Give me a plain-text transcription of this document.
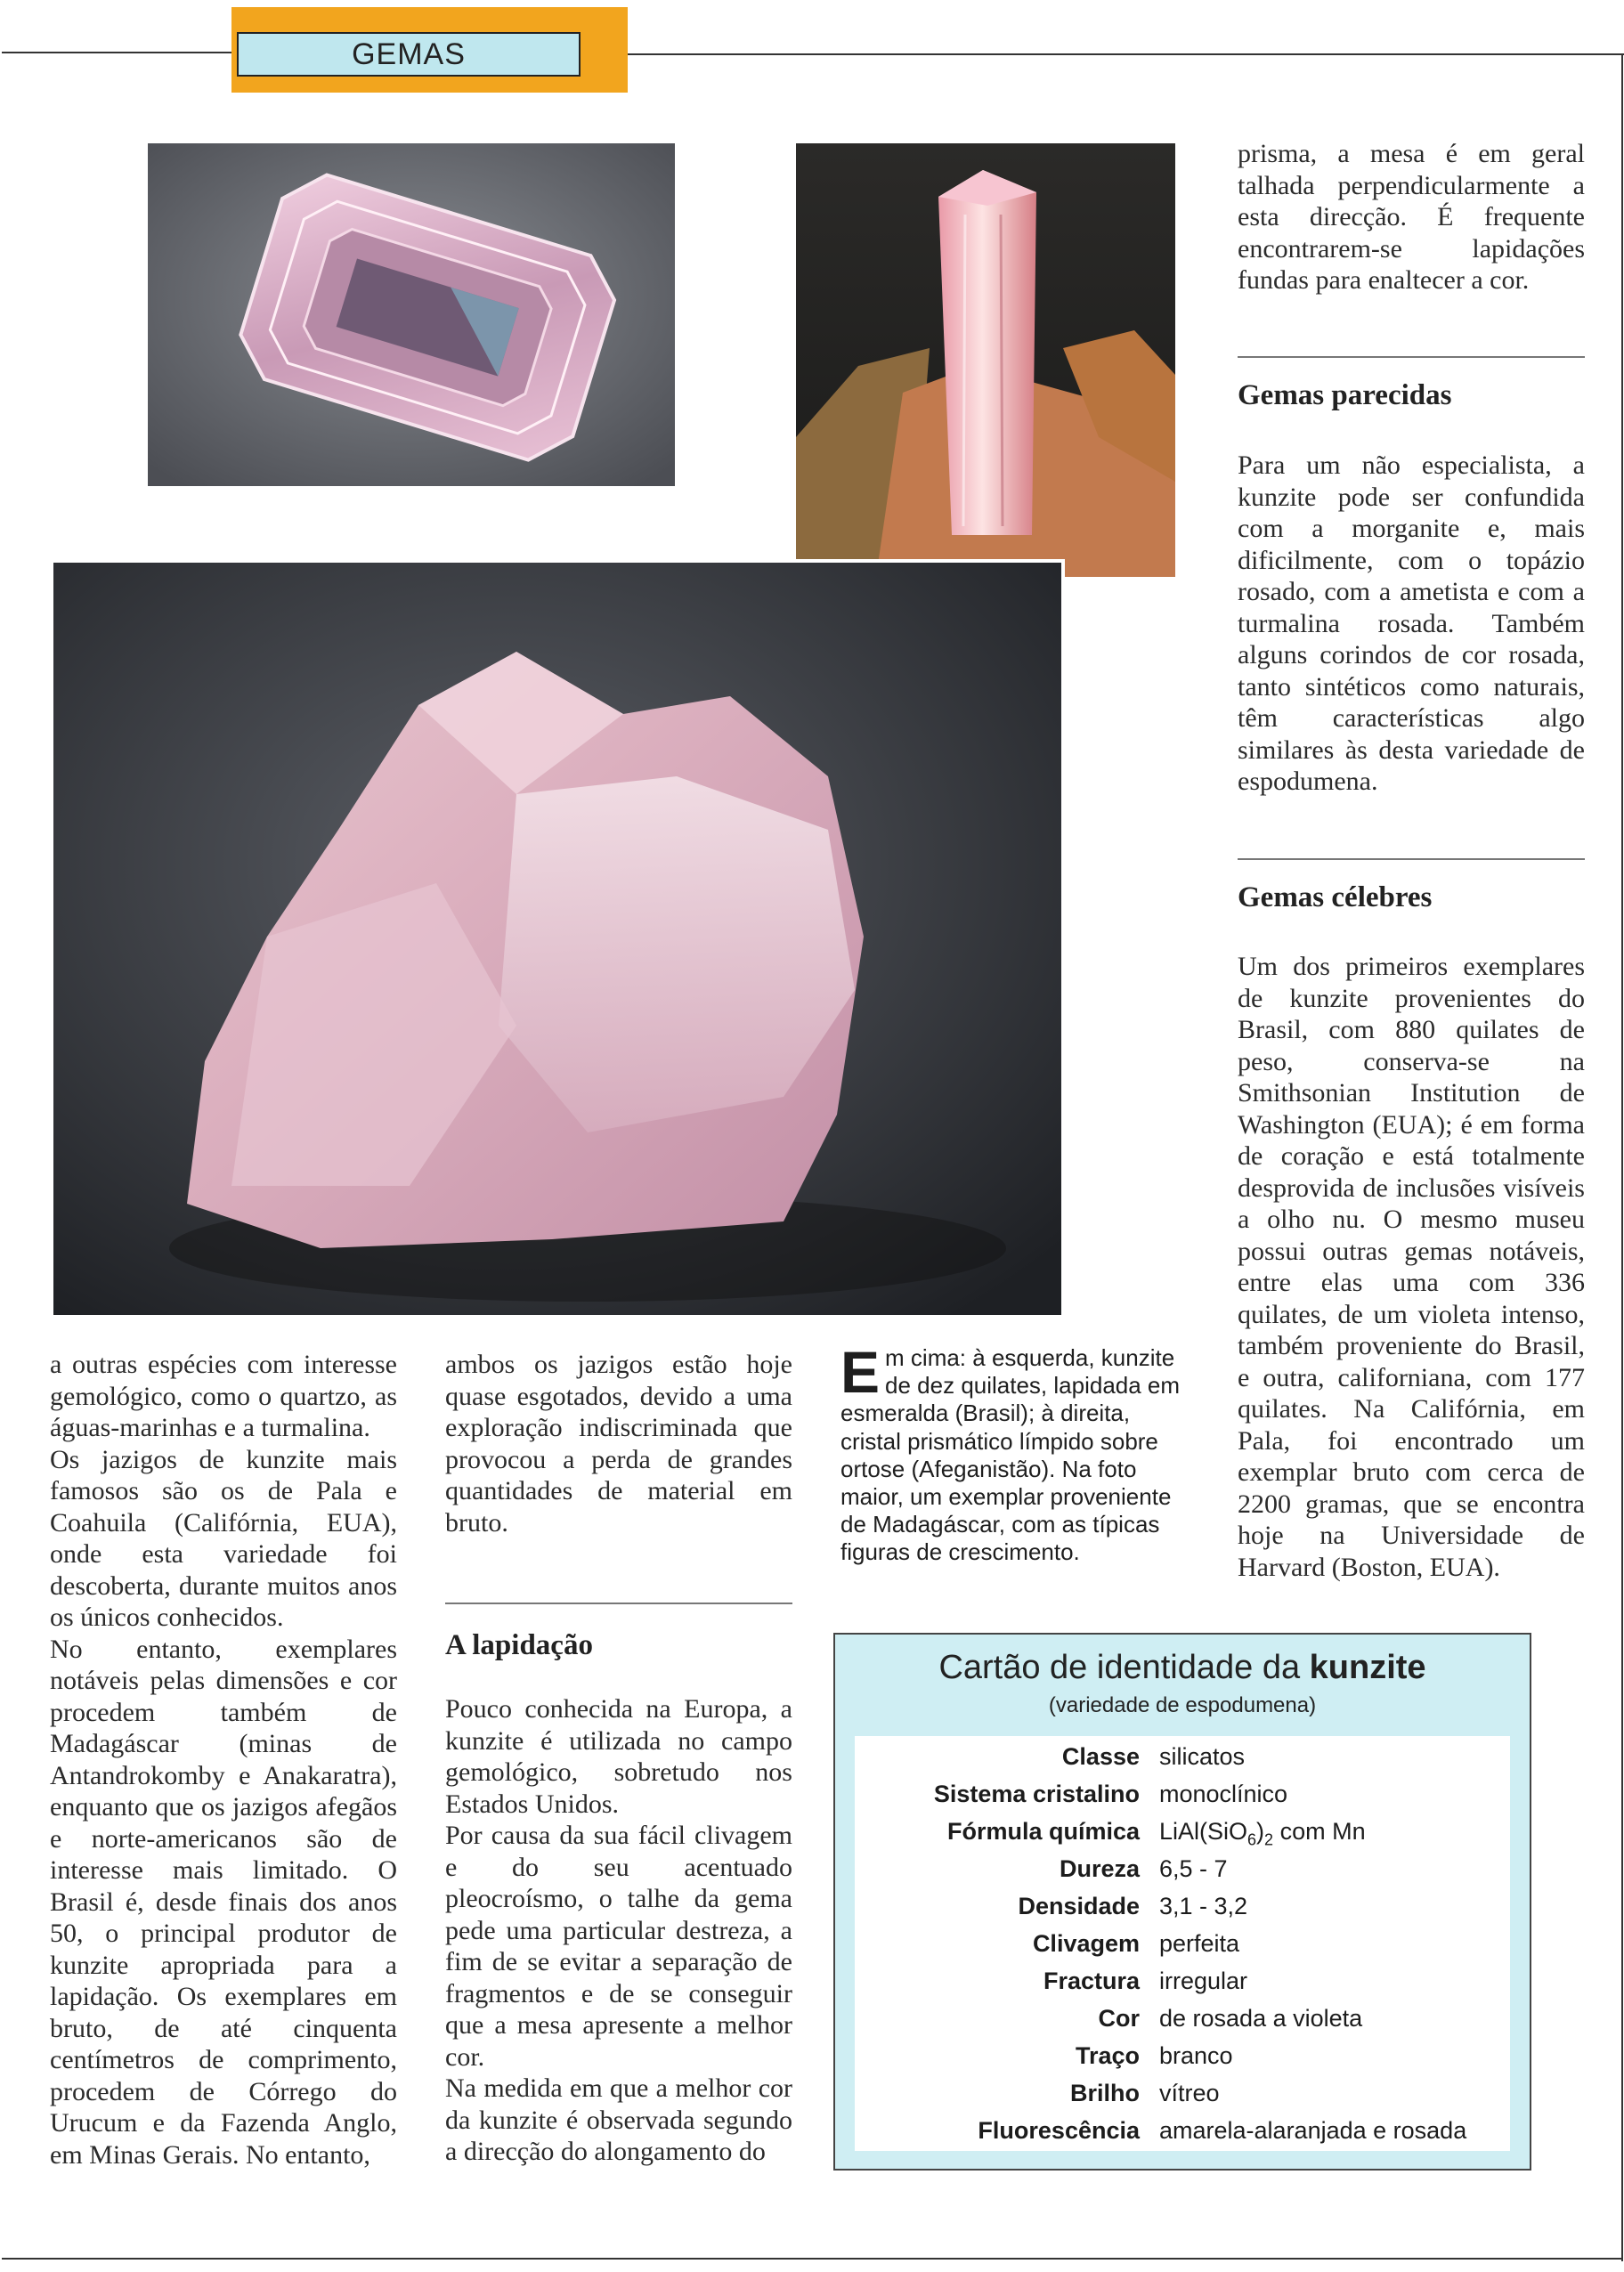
GEMAS

a outras espécies com interesse gemológico, como o quartzo, as águas-marinhas e a turmalina.

Os jazigos de kunzite mais famosos são os de Pala e Coahuila (Califórnia, EUA), onde esta variedade foi descoberta, durante muitos anos os únicos conhecidos.

No entanto, exemplares notáveis pelas dimensões e cor procedem também de Madagáscar (minas de Antandrokomby e Anakaratra), enquanto que os jazigos afegãos e norte-americanos são de interesse mais limitado. O Brasil é, desde finais dos anos 50, o principal produtor de kunzite apropriada para a lapidação. Os exemplares em bruto, de até cinquenta centímetros de comprimento, procedem de Córrego do Urucum e da Fazenda Anglo, em Minas Gerais. No entanto,

ambos os jazigos estão hoje quase esgotados, devido a uma exploração indiscriminada que provocou a perda de grandes quantidades de material em bruto.

A lapidação

Pouco conhecida na Europa, a kunzite é utilizada no campo gemológico, sobretudo nos Estados Unidos.

Por causa da sua fácil clivagem e do seu acentuado pleocroísmo, o talhe da gema pede uma particular destreza, a fim de se evitar a separação de fragmentos e de se conseguir que a mesa apresente a melhor cor.

Na medida em que a melhor cor da kunzite é observada segundo a direcção do alongamento do

Em cima: à esquerda, kunzite de dez quilates, lapidada em esmeralda (Brasil); à direita, cristal prismático límpido sobre ortose (Afeganistão). Na foto maior, um exemplar proveniente de Madagáscar, com as típicas figuras de crescimento.

prisma, a mesa é em geral talhada perpendicularmente a esta direcção. É frequente encontrarem-se lapidações fundas para enaltecer a cor.

Gemas parecidas

Para um não especialista, a kunzite pode ser confundida com a morganite e, mais dificilmente, com o topázio rosado, com a ametista e com a turmalina rosada. Também alguns corindos de cor rosada, tanto sintéticos como naturais, têm características algo similares às desta variedade de espodumena.

Gemas célebres

Um dos primeiros exemplares de kunzite provenientes do Brasil, com 880 quilates de peso, conserva-se na Smithsonian Institution de Washington (EUA); é em forma de coração e está totalmente desprovida de inclusões visíveis a olho nu. O mesmo museu possui outras gemas notáveis, entre elas uma com 336 quilates, de um violeta intenso, também proveniente do Brasil, e outra, californiana, com 177 quilates. Na Califórnia, em Pala, foi encontrado um exemplar bruto com cerca de 2200 gramas, que se encontra hoje na Universidade de Harvard (Boston, EUA).

Cartão de identidade da kunzite
(variedade de espodumena)
Classe silicatos
Sistema cristalino monoclínico
Fórmula química $LiAl(SiO_6)_2$ com Mn
Dureza 6,5 - 7
Densidade 3,1 - 3,2
Clivagem perfeita
Fractura irregular
Cor de rosada a violeta
Traço branco
Brilho vítreo
Fluorescência amarela-alaranjada e rosada
